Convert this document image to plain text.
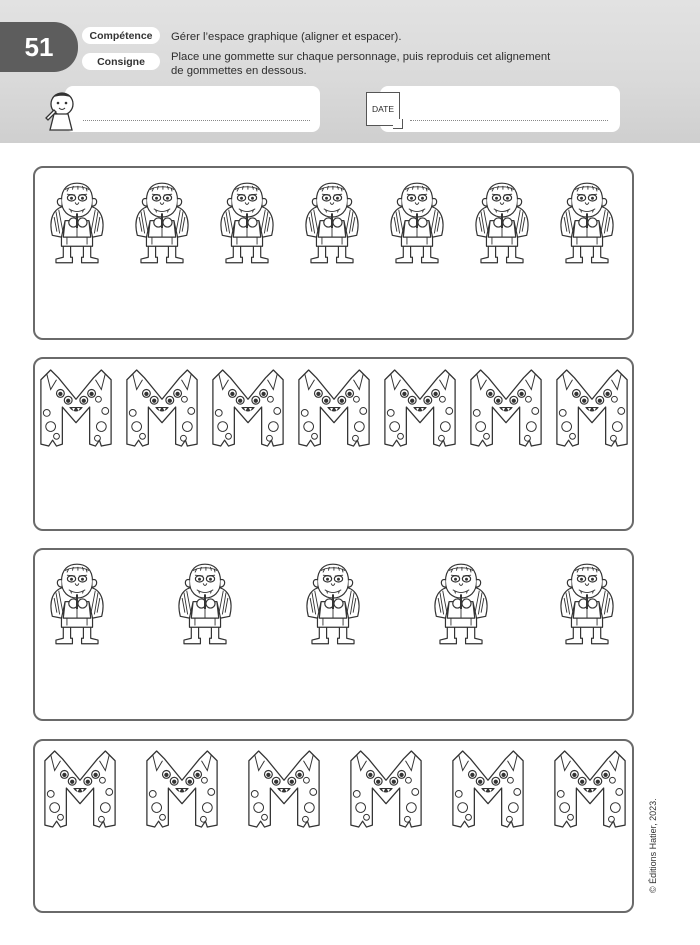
51	Compétence
Consigne
Gérer l’espace graphique (aligner et espacer).
Place une gommette sur chaque personnage, puis reproduis cet alignement
de gommettes en dessous.
DATE
© Éditions Hatier, 2023.
